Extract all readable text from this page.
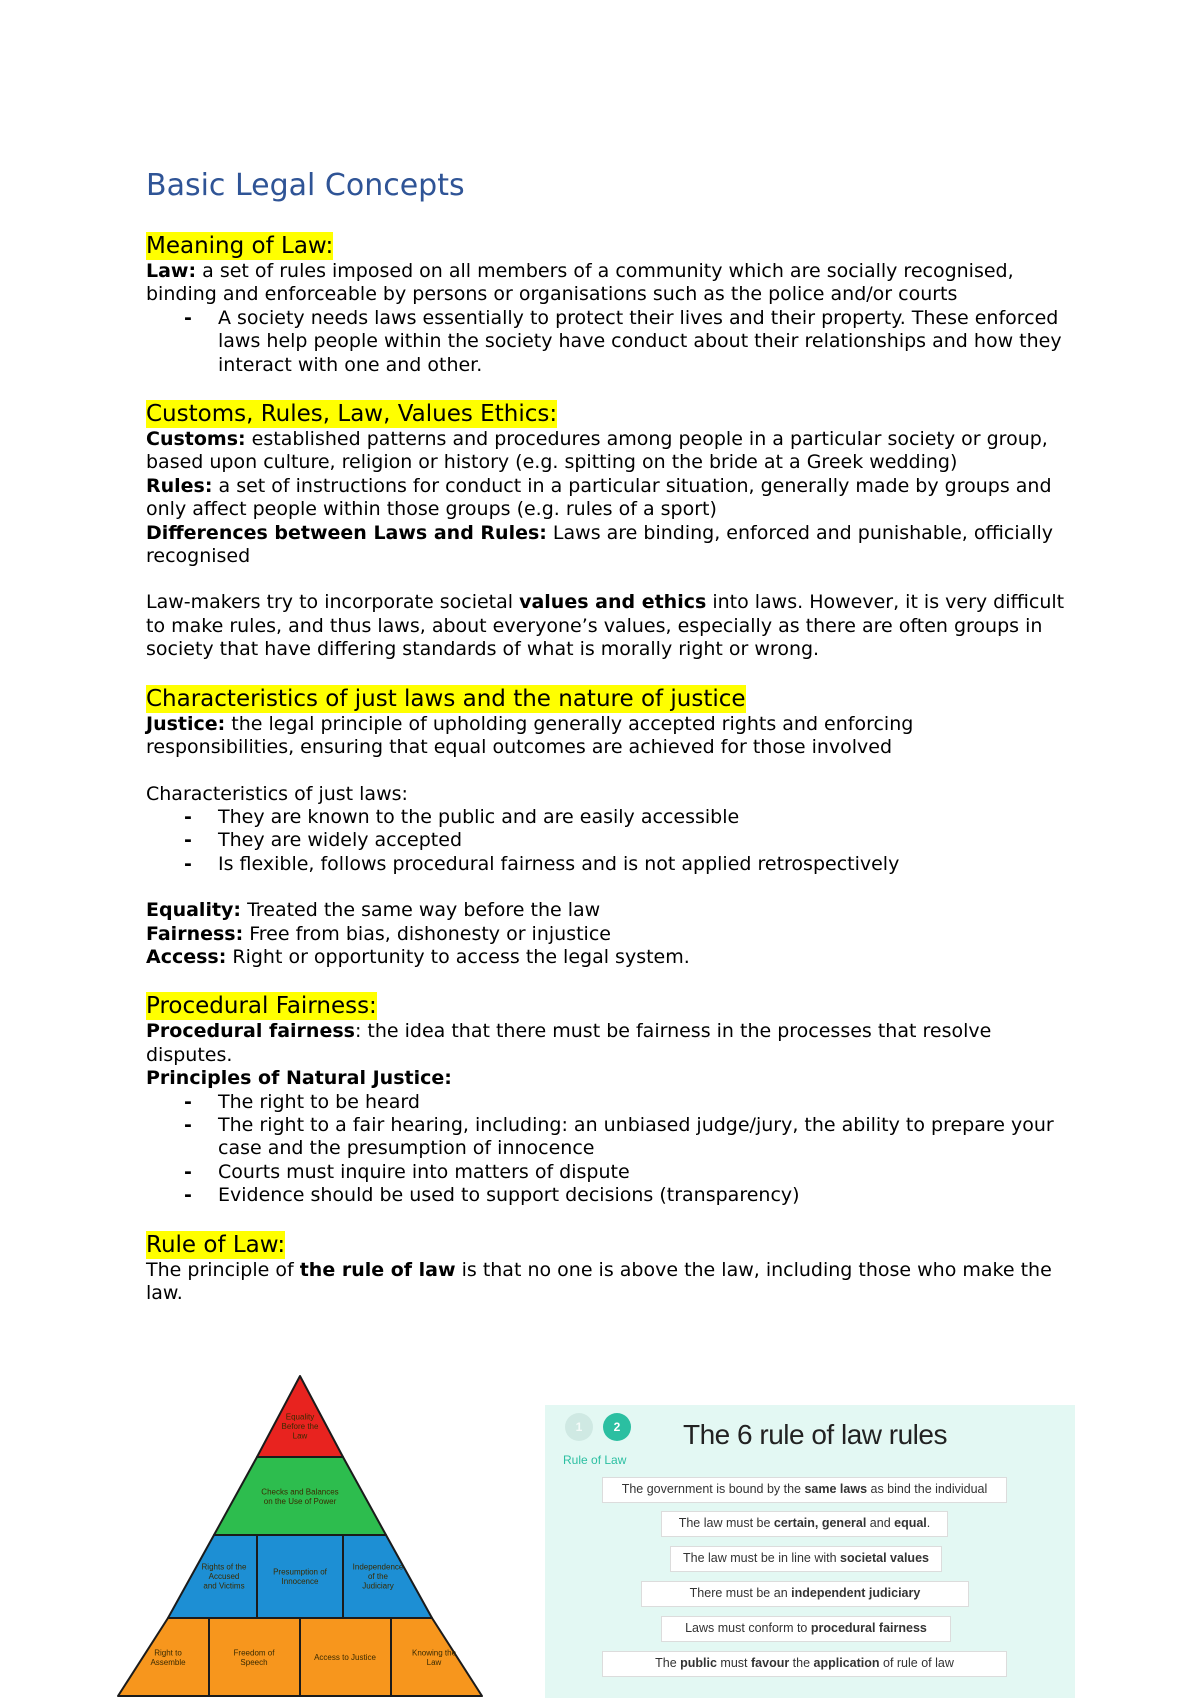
Basic Legal Concepts

Meaning of Law:

Law: a set of rules imposed on all members of a community which are socially recognised, binding and enforceable by persons or organisations such as the police and/or courts

- A society needs laws essentially to protect their lives and their property. These enforced laws help people within the society have conduct about their relationships and how they interact with one and other.

Customs, Rules, Law, Values Ethics:

Customs: established patterns and procedures among people in a particular society or group, based upon culture, religion or history (e.g. spitting on the bride at a Greek wedding)

Rules: a set of instructions for conduct in a particular situation, generally made by groups and only affect people within those groups (e.g. rules of a sport)

Differences between Laws and Rules: Laws are binding, enforced and punishable, officially recognised

Law-makers try to incorporate societal values and ethics into laws. However, it is very difficult to make rules, and thus laws, about everyone’s values, especially as there are often groups in society that have differing standards of what is morally right or wrong.

Characteristics of just laws and the nature of justice

Justice: the legal principle of upholding generally accepted rights and enforcing responsibilities, ensuring that equal outcomes are achieved for those involved

Characteristics of just laws:

- They are known to the public and are easily accessible
- They are widely accepted
- Is flexible, follows procedural fairness and is not applied retrospectively

Equality: Treated the same way before the law

Fairness: Free from bias, dishonesty or injustice

Access: Right or opportunity to access the legal system.

Procedural Fairness:

Procedural fairness: the idea that there must be fairness in the processes that resolve disputes.

Principles of Natural Justice:

- The right to be heard
- The right to a fair hearing, including: an unbiased judge/jury, the ability to prepare your case and the presumption of innocence
- Courts must inquire into matters of dispute
- Evidence should be used to support decisions (transparency)

Rule of Law:

The principle of the rule of law is that no one is above the law, including those who make the law.

Equality Before the Law
Checks and Balances on the Use of Power
Rights of the Accused and Victims
Presumption of Innocence
Independence of the Judiciary
Right to Assemble
Freedom of Speech
Access to Justice
Knowing the Law
1	2
Rule of Law
The 6 rule of law rules
The government is bound by the same laws as bind the individual
The law must be certain, general and equal.
The law must be in line with societal values
There must be an independent judiciary
Laws must conform to procedural fairness
The public must favour the application of rule of law
